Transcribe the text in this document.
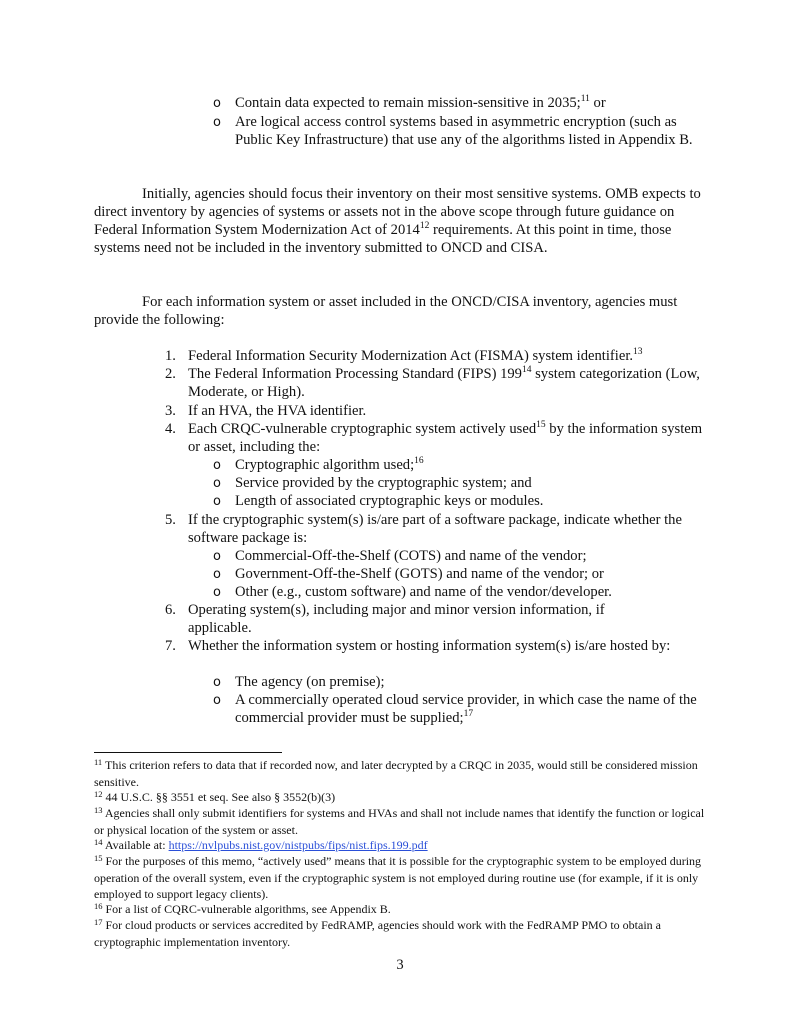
o Contain data expected to remain mission-sensitive in 2035;$^{11}$ or

o Are logical access control systems based in asymmetric encryption (such as Public Key Infrastructure) that use any of the algorithms listed in Appendix B.

Initially, agencies should focus their inventory on their most sensitive systems. OMB expects to direct inventory by agencies of systems or assets not in the above scope through future guidance on Federal Information System Modernization Act of 2014$^{12}$ requirements. At this point in time, those systems need not be included in the inventory submitted to ONCD and CISA.

For each information system or asset included in the ONCD/CISA inventory, agencies must provide the following:

1. Federal Information Security Modernization Act (FISMA) system identifier.$^{13}$

2. The Federal Information Processing Standard (FIPS) $199^{14}$ system categorization (Low, Moderate, or High).

3. If an HVA, the HVA identifier.

4. Each CRQC-vulnerable cryptographic system actively used$^{15}$ by the information system or asset, including the:

o Cryptographic algorithm used;$^{16}$

o Service provided by the cryptographic system; and

o Length of associated cryptographic keys or modules.

5. If the cryptographic system(s) is/are part of a software package, indicate whether the software package is:

o Commercial-Off-the-Shelf (COTS) and name of the vendor;

o Government-Off-the-Shelf (GOTS) and name of the vendor; or

o Other (e.g., custom software) and name of the vendor/developer.

6. Operating system(s), including major and minor version information, if applicable.

7. Whether the information system or hosting information system(s) is/are hosted by:

o The agency (on premise);

o A commercially operated cloud service provider, in which case the name of the commercial provider must be supplied;$^{17}$

$^{11}$ This criterion refers to data that if recorded now, and later decrypted by a CRQC in 2035, would still be considered mission sensitive.

$^{12}$ 44 U.S.C. §§ 3551 et seq. See also § 3552(b)(3)

$^{13}$ Agencies shall only submit identifiers for systems and HVAs and shall not include names that identify the function or logical or physical location of the system or asset.

$^{14}$ Available at: https://nvlpubs.nist.gov/nistpubs/fips/nist.fips.199.pdf

$^{15}$ For the purposes of this memo, “actively used” means that it is possible for the cryptographic system to be employed during operation of the overall system, even if the cryptographic system is not employed during routine use (for example, if it is only employed to support legacy clients).

$^{16}$ For a list of CQRC-vulnerable algorithms, see Appendix B.

$^{17}$ For cloud products or services accredited by FedRAMP, agencies should work with the FedRAMP PMO to obtain a cryptographic implementation inventory.

3
